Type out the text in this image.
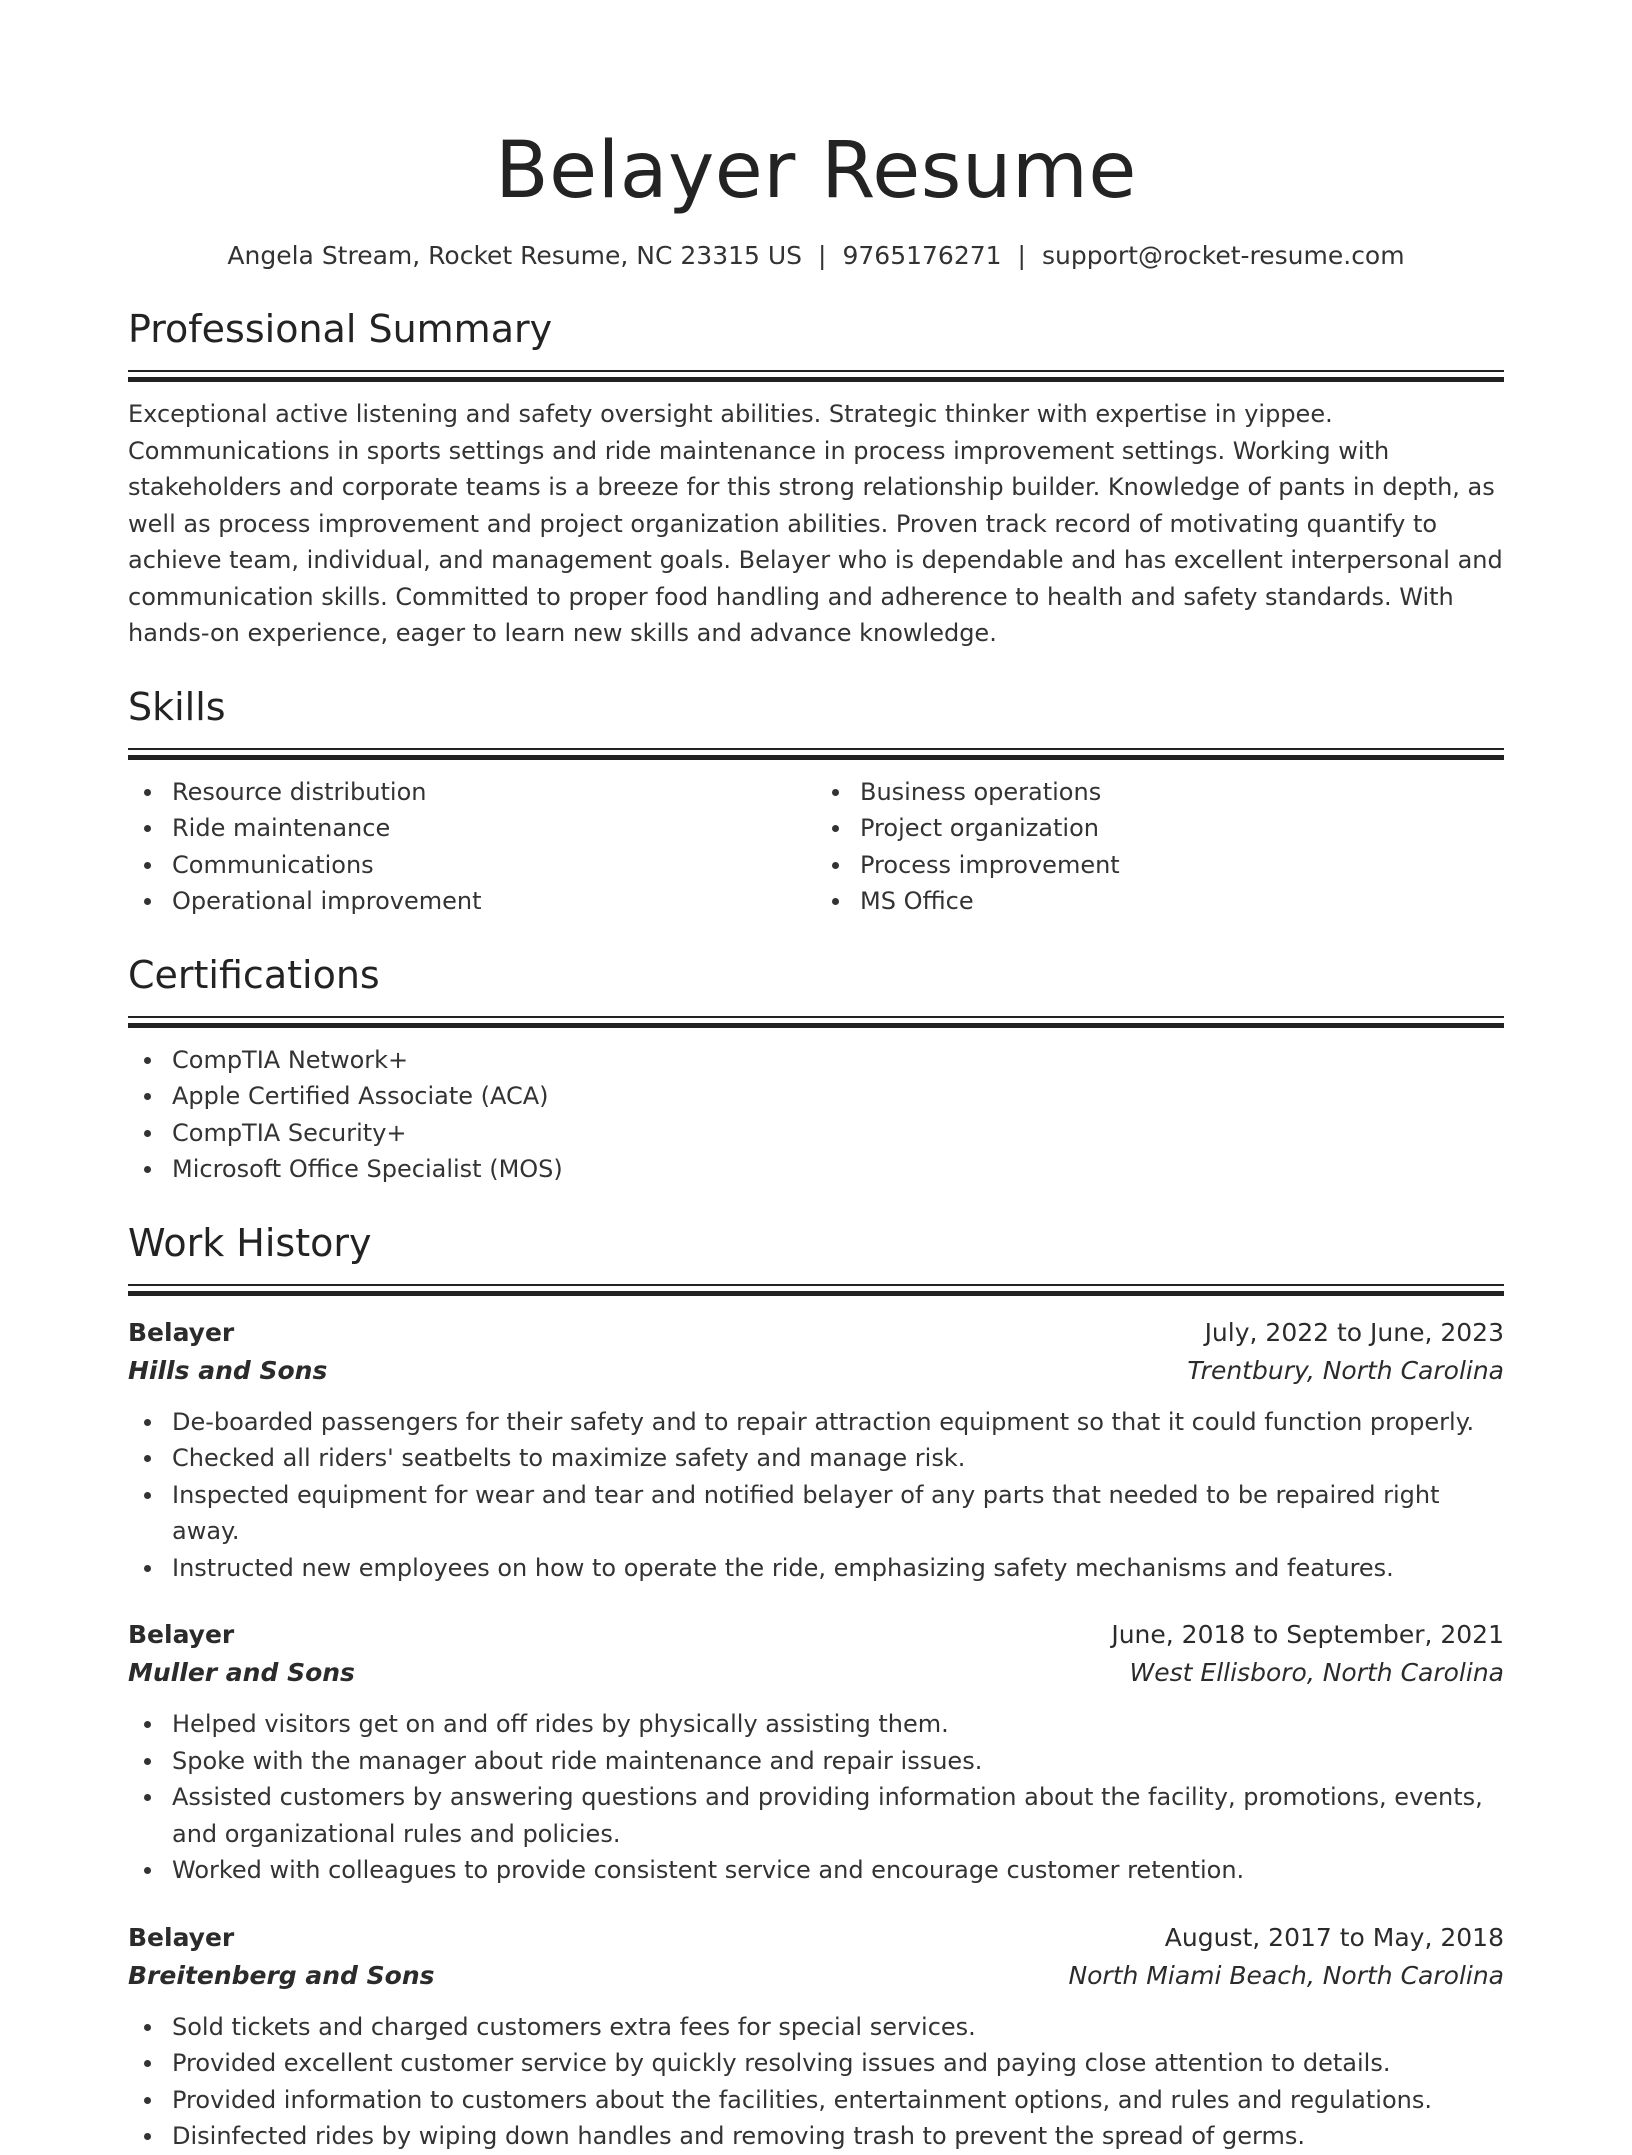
Belayer Resume
Angela Stream, Rocket Resume, NC 23315 US | 9765176271 | support@rocket-resume.com
Professional Summary

Exceptional active listening and safety oversight abilities. Strategic thinker with expertise in yippee. Communications in sports settings and ride maintenance in process improvement settings. Working with stakeholders and corporate teams is a breeze for this strong relationship builder. Knowledge of pants in depth, as well as process improvement and project organization abilities. Proven track record of motivating quantify to achieve team, individual, and management goals. Belayer who is dependable and has excellent interpersonal and communication skills. Committed to proper food handling and adherence to health and safety standards. With hands-on experience, eager to learn new skills and advance knowledge.

Skills
Resource distribution
Ride maintenance
Communications
Operational improvement
Business operations
Project organization
Process improvement
MS Office
Certifications
CompTIA Network+
Apple Certified Associate (ACA)
CompTIA Security+
Microsoft Office Specialist (MOS)
Work History
Belayer	July, 2022 to June, 2023
Hills and Sons	Trentbury, North Carolina
De-boarded passengers for their safety and to repair attraction equipment so that it could function properly.
Checked all riders' seatbelts to maximize safety and manage risk.
Inspected equipment for wear and tear and notified belayer of any parts that needed to be repaired right away.
Instructed new employees on how to operate the ride, emphasizing safety mechanisms and features.
Belayer	June, 2018 to September, 2021
Muller and Sons	West Ellisboro, North Carolina
Helped visitors get on and off rides by physically assisting them.
Spoke with the manager about ride maintenance and repair issues.
Assisted customers by answering questions and providing information about the facility, promotions, events, and organizational rules and policies.
Worked with colleagues to provide consistent service and encourage customer retention.
Belayer	August, 2017 to May, 2018
Breitenberg and Sons	North Miami Beach, North Carolina
Sold tickets and charged customers extra fees for special services.
Provided excellent customer service by quickly resolving issues and paying close attention to details.
Provided information to customers about the facilities, entertainment options, and rules and regulations.
Disinfected rides by wiping down handles and removing trash to prevent the spread of germs.
